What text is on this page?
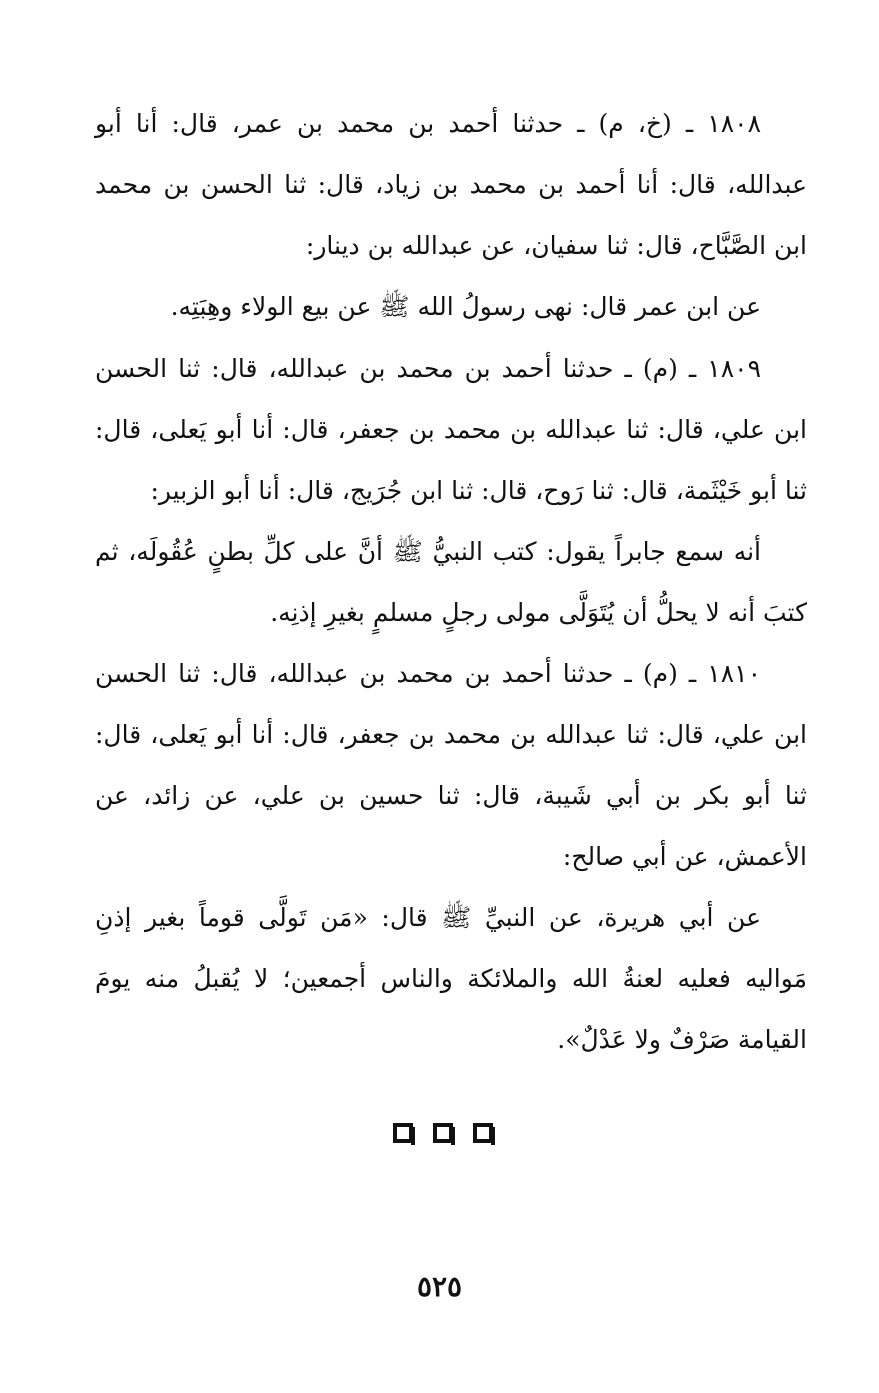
١٨٠٨ ـ (خ، م) ـ حدثنا أحمد بن محمد بن عمر، قال: أنا أبو عبدالله، قال: أنا أحمد بن محمد بن زياد، قال: ثنا الحسن بن محمد ابن الصَّبَّاح، قال: ثنا سفيان، عن عبدالله بن دينار:

عن ابن عمر قال: نهى رسولُ الله ﷺ عن بيع الولاء وهِبَتِه.

١٨٠٩ ـ (م) ـ حدثنا أحمد بن محمد بن عبدالله، قال: ثنا الحسن ابن علي، قال: ثنا عبدالله بن محمد بن جعفر، قال: أنا أبو يَعلى، قال: ثنا أبو خَيْثَمة، قال: ثنا رَوح، قال: ثنا ابن جُرَيج، قال: أنا أبو الزبير:

أنه سمع جابراً يقول: كتب النبيُّ ﷺ أنَّ على كلِّ بطنٍ عُقُولَه، ثم كتبَ أنه لا يحلُّ أن يُتَوَلَّى مولى رجلٍ مسلمٍ بغيرِ إذنِه.

١٨١٠ ـ (م) ـ حدثنا أحمد بن محمد بن عبدالله، قال: ثنا الحسن ابن علي، قال: ثنا عبدالله بن محمد بن جعفر، قال: أنا أبو يَعلى، قال: ثنا أبو بكر بن أبي شَيبة، قال: ثنا حسين بن علي، عن زائد، عن الأعمش، عن أبي صالح:

عن أبي هريرة، عن النبيِّ ﷺ قال: «مَن تَولَّى قوماً بغير إذنِ مَواليه فعليه لعنةُ الله والملائكة والناس أجمعين؛ لا يُقبلُ منه يومَ القيامة صَرْفٌ ولا عَدْلٌ».

٥٢٥
